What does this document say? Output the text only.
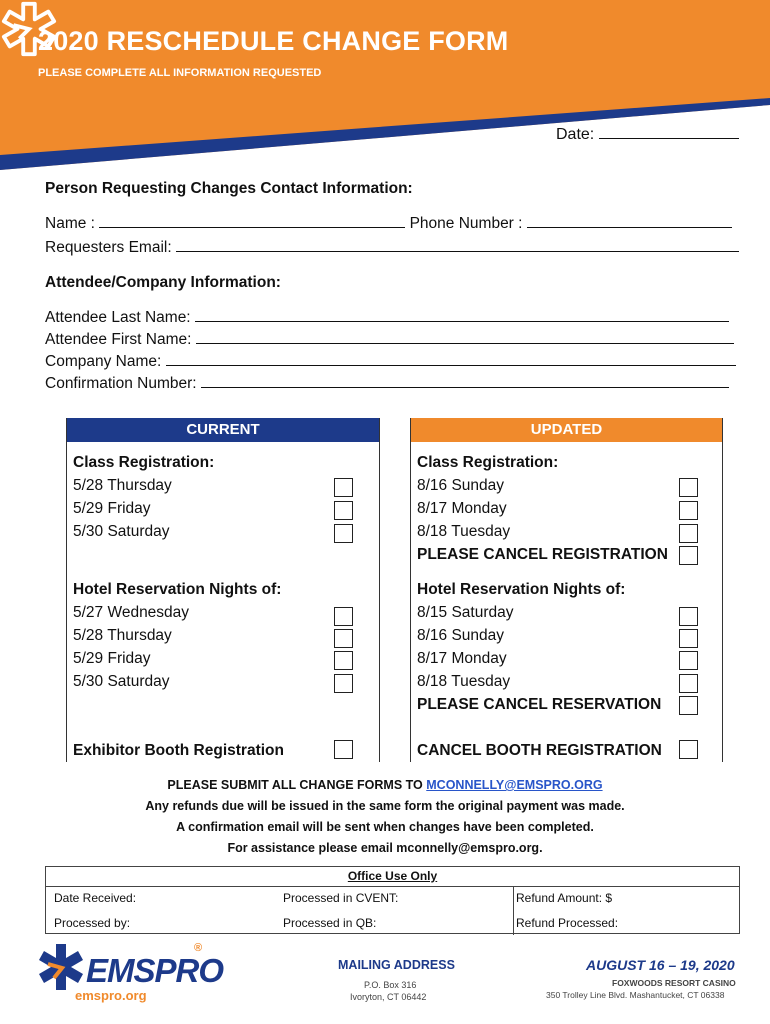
2020 RESCHEDULE CHANGE FORM
PLEASE COMPLETE ALL INFORMATION REQUESTED
Date:
Person Requesting Changes Contact Information:
Name :	Phone Number :
Requesters Email:
Attendee/Company Information:
Attendee Last Name:
Attendee First Name:
Company Name:
Confirmation Number:
CURRENT
Class Registration:
5/28 Thursday
5/29 Friday
5/30 Saturday
Hotel Reservation Nights of:
5/27 Wednesday
5/28 Thursday
5/29 Friday
5/30 Saturday
Exhibitor Booth Registration
UPDATED
Class Registration:
8/16 Sunday
8/17 Monday
8/18 Tuesday
PLEASE CANCEL REGISTRATION
Hotel Reservation Nights of:
8/15 Saturday
8/16 Sunday
8/17 Monday
8/18 Tuesday
PLEASE CANCEL RESERVATION
CANCEL BOOTH REGISTRATION
PLEASE SUBMIT ALL CHANGE FORMS TO MCONNELLY@EMSPRO.ORG
Any refunds due will be issued in the same form the original payment was made.
A confirmation email will be sent when changes have been completed.
For assistance please email mconnelly@emspro.org.
Office Use Only
Date Received:	Processed in CVENT:	Refund Amount: $
Processed by:	Processed in QB:	Refund Processed:
EMSPRO
®
emspro.org
MAILING ADDRESS
P.O. Box 316
Ivoryton, CT 06442
AUGUST 16 – 19, 2020
FOXWOODS RESORT CASINO
350 Trolley Line Blvd. Mashantucket, CT 06338
